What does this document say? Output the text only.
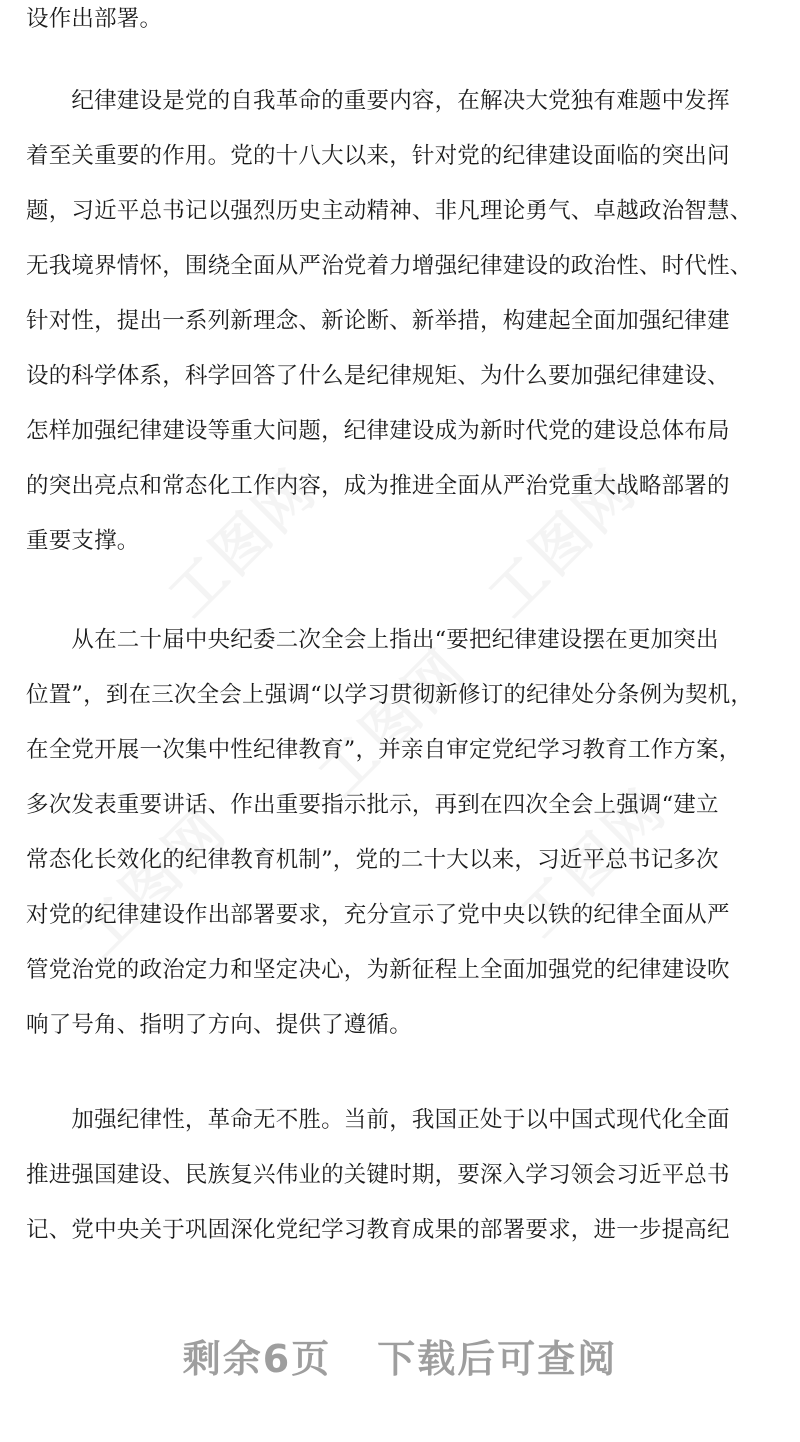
设作出部署。
　　纪律建设是党的自我革命的重要内容，在解决大党独有难题中发挥
着至关重要的作用。党的十八大以来，针对党的纪律建设面临的突出问
题，习近平总书记以强烈历史主动精神、非凡理论勇气、卓越政治智慧、
无我境界情怀，围绕全面从严治党着力增强纪律建设的政治性、时代性、
针对性，提出一系列新理念、新论断、新举措，构建起全面加强纪律建
设的科学体系，科学回答了什么是纪律规矩、为什么要加强纪律建设、
怎样加强纪律建设等重大问题，纪律建设成为新时代党的建设总体布局
的突出亮点和常态化工作内容，成为推进全面从严治党重大战略部署的
重要支撑。
　　从在二十届中央纪委二次全会上指出“要把纪律建设摆在更加突出
位置”，到在三次全会上强调“以学习贯彻新修订的纪律处分条例为契机，
在全党开展一次集中性纪律教育”，并亲自审定党纪学习教育工作方案，
多次发表重要讲话、作出重要指示批示，再到在四次全会上强调“建立
常态化长效化的纪律教育机制”，党的二十大以来，习近平总书记多次
对党的纪律建设作出部署要求，充分宣示了党中央以铁的纪律全面从严
管党治党的政治定力和坚定决心，为新征程上全面加强党的纪律建设吹
响了号角、指明了方向、提供了遵循。
　　加强纪律性，革命无不胜。当前，我国正处于以中国式现代化全面
推进强国建设、民族复兴伟业的关键时期，要深入学习领会习近平总书
记、党中央关于巩固深化党纪学习教育成果的部署要求，进一步提高纪
剩余6页 下载后可查阅
